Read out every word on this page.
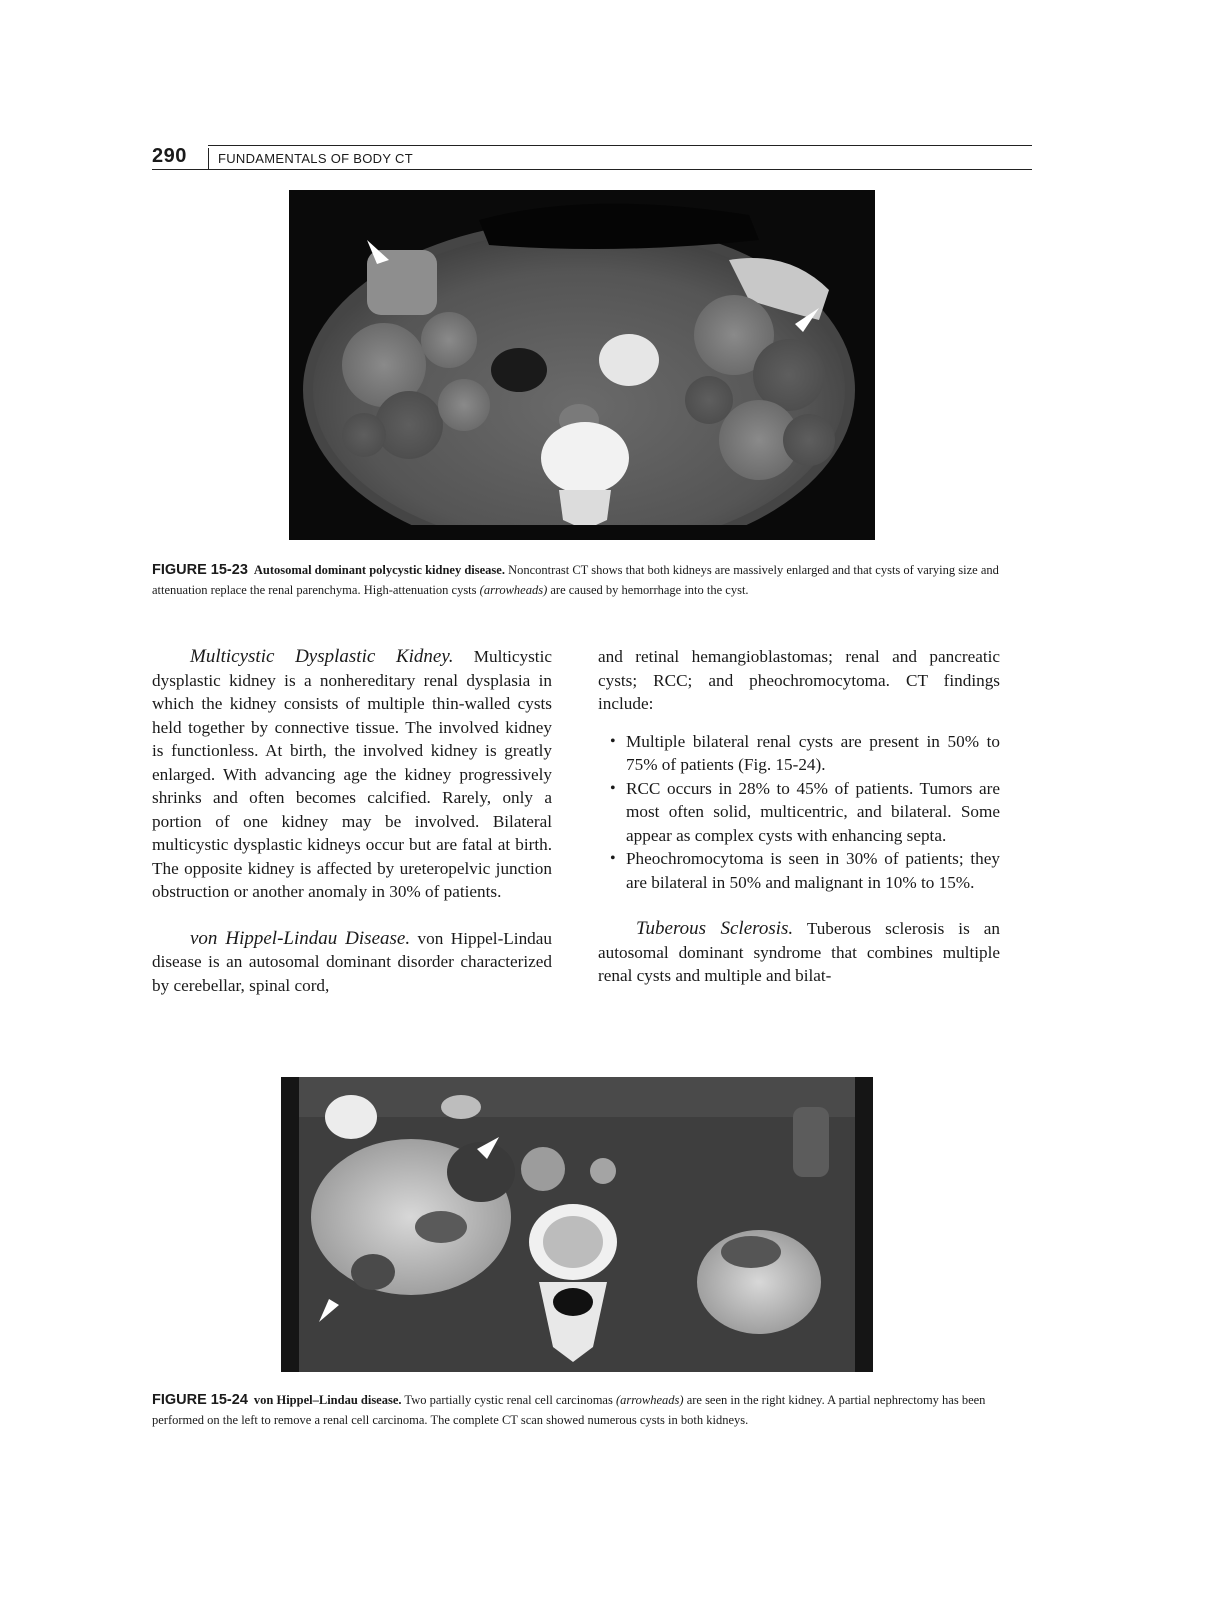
290 FUNDAMENTALS OF BODY CT
FIGURE 15-23 Autosomal dominant polycystic kidney disease. Noncontrast CT shows that both kidneys are massively enlarged and that cysts of varying size and attenuation replace the renal parenchyma. High-attenuation cysts (arrowheads) are caused by hemorrhage into the cyst.

Multicystic Dysplastic Kidney. Multicystic dysplastic kidney is a nonhereditary renal dysplasia in which the kidney consists of multiple thin-walled cysts held together by connective tissue. The involved kidney is functionless. At birth, the involved kidney is greatly enlarged. With advancing age the kidney progressively shrinks and often becomes calcified. Rarely, only a portion of one kidney may be involved. Bilateral multicystic dysplastic kidneys occur but are fatal at birth. The opposite kidney is affected by ureteropelvic junction obstruction or another anomaly in 30% of patients.

von Hippel-Lindau Disease. von Hippel-Lindau disease is an autosomal dominant disorder characterized by cerebellar, spinal cord,

and retinal hemangioblastomas; renal and pancreatic cysts; RCC; and pheochromocytoma. CT findings include:

• Multiple bilateral renal cysts are present in 50% to 75% of patients (Fig. 15-24).
• RCC occurs in 28% to 45% of patients. Tumors are most often solid, multicentric, and bilateral. Some appear as complex cysts with enhancing septa.
• Pheochromocytoma is seen in 30% of patients; they are bilateral in 50% and malignant in 10% to 15%.

Tuberous Sclerosis. Tuberous sclerosis is an autosomal dominant syndrome that combines multiple renal cysts and multiple and bilat-

FIGURE 15-24 von Hippel–Lindau disease. Two partially cystic renal cell carcinomas (arrowheads) are seen in the right kidney. A partial nephrectomy has been performed on the left to remove a renal cell carcinoma. The complete CT scan showed numerous cysts in both kidneys.
